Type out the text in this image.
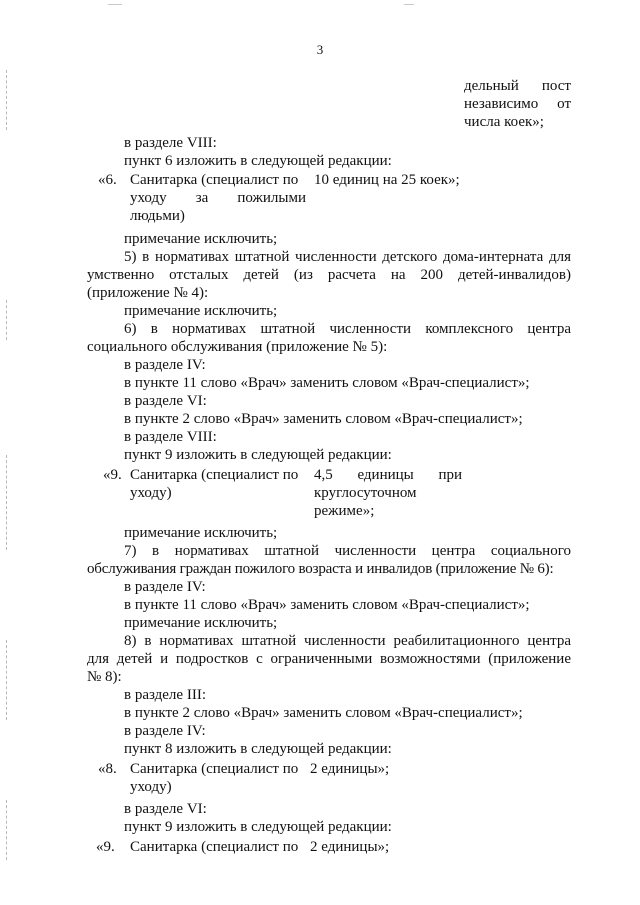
3
дельный пост
независимо от
числа коек»;
в разделе VIII:
пункт 6 изложить в следующей редакции:
«6. Санитарка (специалист по
уходу за пожилыми
людьми)
10 единиц на 25 коек»;
примечание исключить;
5) в нормативах штатной численности детского дома-интерната для
умственно отсталых детей (из расчета на 200 детей-инвалидов)
(приложение № 4):
примечание исключить;
6) в нормативах штатной численности комплексного центра
социального обслуживания (приложение № 5):
в разделе IV:
в пункте 11 слово «Врач» заменить словом «Врач-специалист»;
в разделе VI:
в пункте 2 слово «Врач» заменить словом «Врач-специалист»;
в разделе VIII:
пункт 9 изложить в следующей редакции:
«9. Санитарка (специалист по
уходу)
4,5 единицы при
круглосуточном
режиме»;
примечание исключить;
7) в нормативах штатной численности центра социального
обслуживания граждан пожилого возраста и инвалидов (приложение № 6):
в разделе IV:
в пункте 11 слово «Врач» заменить словом «Врач-специалист»;
примечание исключить;
8) в нормативах штатной численности реабилитационного центра
для детей и подростков с ограниченными возможностями (приложение
№ 8):
в разделе III:
в пункте 2 слово «Врач» заменить словом «Врач-специалист»;
в разделе IV:
пункт 8 изложить в следующей редакции:
«8. Санитарка (специалист по
уходу)
2 единицы»;
в разделе VI:
пункт 9 изложить в следующей редакции:
«9. Санитарка (специалист по 2 единицы»;
